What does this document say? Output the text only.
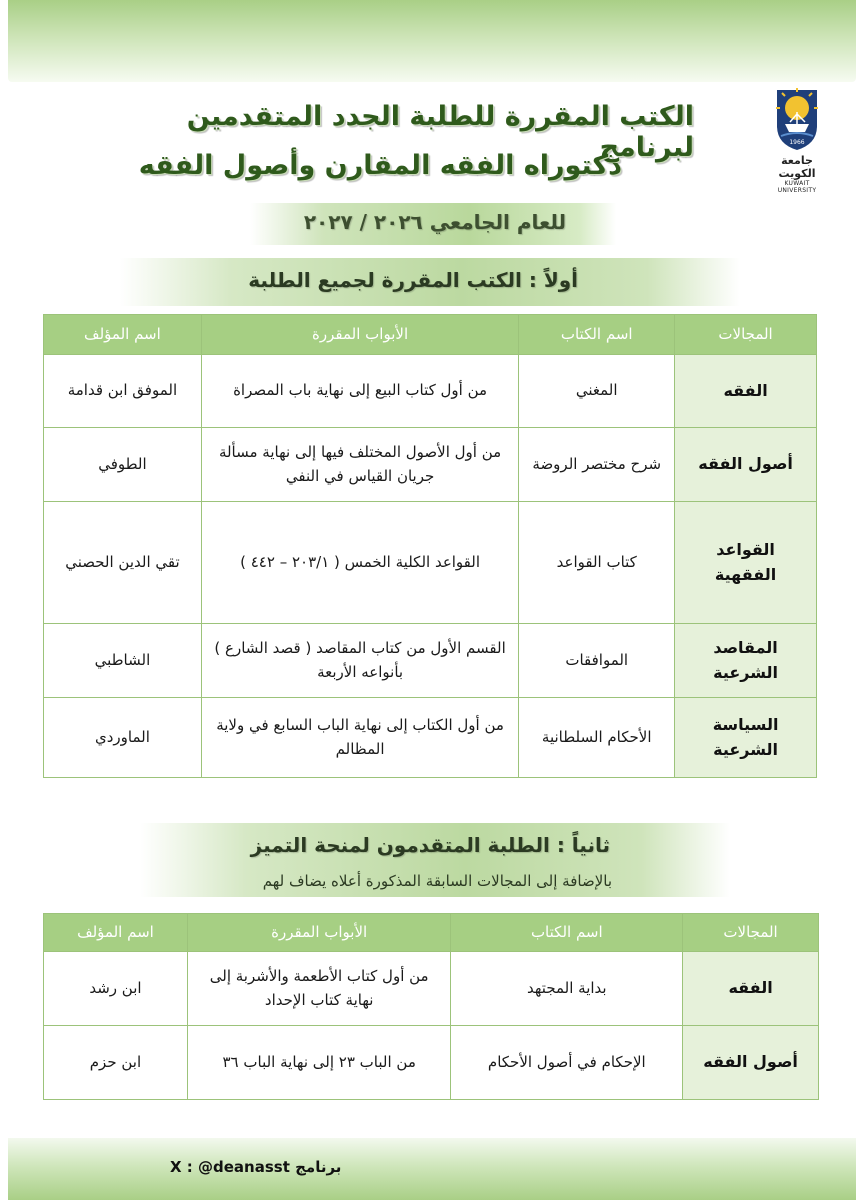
1966
جامعة الكويت
KUWAIT UNIVERSITY
الكتب المقررة للطلبة الجدد المتقدمين لبرنامج
دكتوراه الفقه المقارن وأصول الفقه
للعام الجامعي ٢٠٢٦ / ٢٠٢٧
أولاً : الكتب المقررة لجميع الطلبة
المجالات	اسم الكتاب	الأبواب المقررة	اسم المؤلف
الفقه	المغني	من أول كتاب البيع إلى نهاية باب المصراة	الموفق ابن قدامة
أصول الفقه	شرح مختصر الروضة	من أول الأصول المختلف فيها إلى نهاية مسألة جريان القياس في النفي	الطوفي
القواعد الفقهية	كتاب القواعد	القواعد الكلية الخمس ( ٢٠٣/١ – ٤٤٢ )	تقي الدين الحصني
المقاصد الشرعية	الموافقات	القسم الأول من كتاب المقاصد ( قصد الشارع ) بأنواعه الأربعة	الشاطبي
السياسة الشرعية	الأحكام السلطانية	من أول الكتاب إلى نهاية الباب السابع في ولاية المظالم	الماوردي
ثانياً : الطلبة المتقدمون لمنحة التميز
بالإضافة إلى المجالات السابقة المذكورة أعلاه يضاف لهم
المجالات	اسم الكتاب	الأبواب المقررة	اسم المؤلف
الفقه	بداية المجتهد	من أول كتاب الأطعمة والأشربة إلى نهاية كتاب الإحداد	ابن رشد
أصول الفقه	الإحكام في أصول الأحكام	من الباب ٢٣ إلى نهاية الباب ٣٦	ابن حزم
برنامج X : @deanasst
